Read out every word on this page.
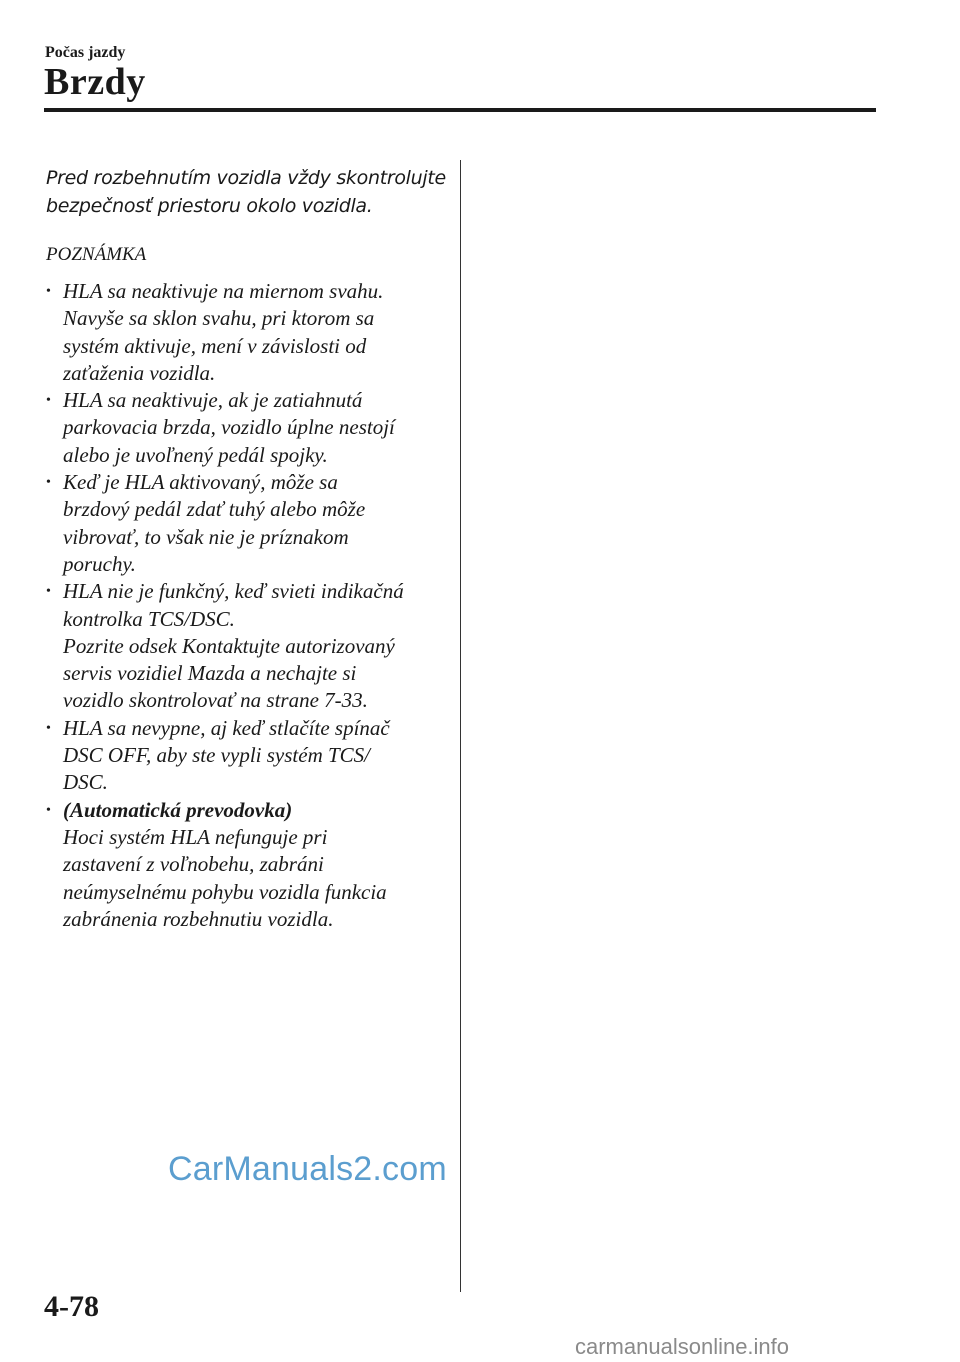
Počas jazdy
Brzdy
Pred rozbehnutím vozidla vždy skontrolujte
bezpečnosť priestoru okolo vozidla.
POZNÁMKA
• HLA sa neaktivuje na miernom svahu.
Navyše sa sklon svahu, pri ktorom sa
systém aktivuje, mení v závislosti od
zaťaženia vozidla.
• HLA sa neaktivuje, ak je zatiahnutá
parkovacia brzda, vozidlo úplne nestojí
alebo je uvoľnený pedál spojky.
• Keď je HLA aktivovaný, môže sa
brzdový pedál zdať tuhý alebo môže
vibrovať, to však nie je príznakom
poruchy.
• HLA nie je funkčný, keď svieti indikačná
kontrolka TCS/DSC.
Pozrite odsek Kontaktujte autorizovaný
servis vozidiel Mazda a nechajte si
vozidlo skontrolovať na strane 7-33.
• HLA sa nevypne, aj keď stlačíte spínač
DSC OFF, aby ste vypli systém TCS/
DSC.
• (Automatická prevodovka)
Hoci systém HLA nefunguje pri
zastavení z voľnobehu, zabráni
neúmyselnému pohybu vozidla funkcia
zabránenia rozbehnutiu vozidla.
CarManuals2.com
4-78
carmanualsonline.info
